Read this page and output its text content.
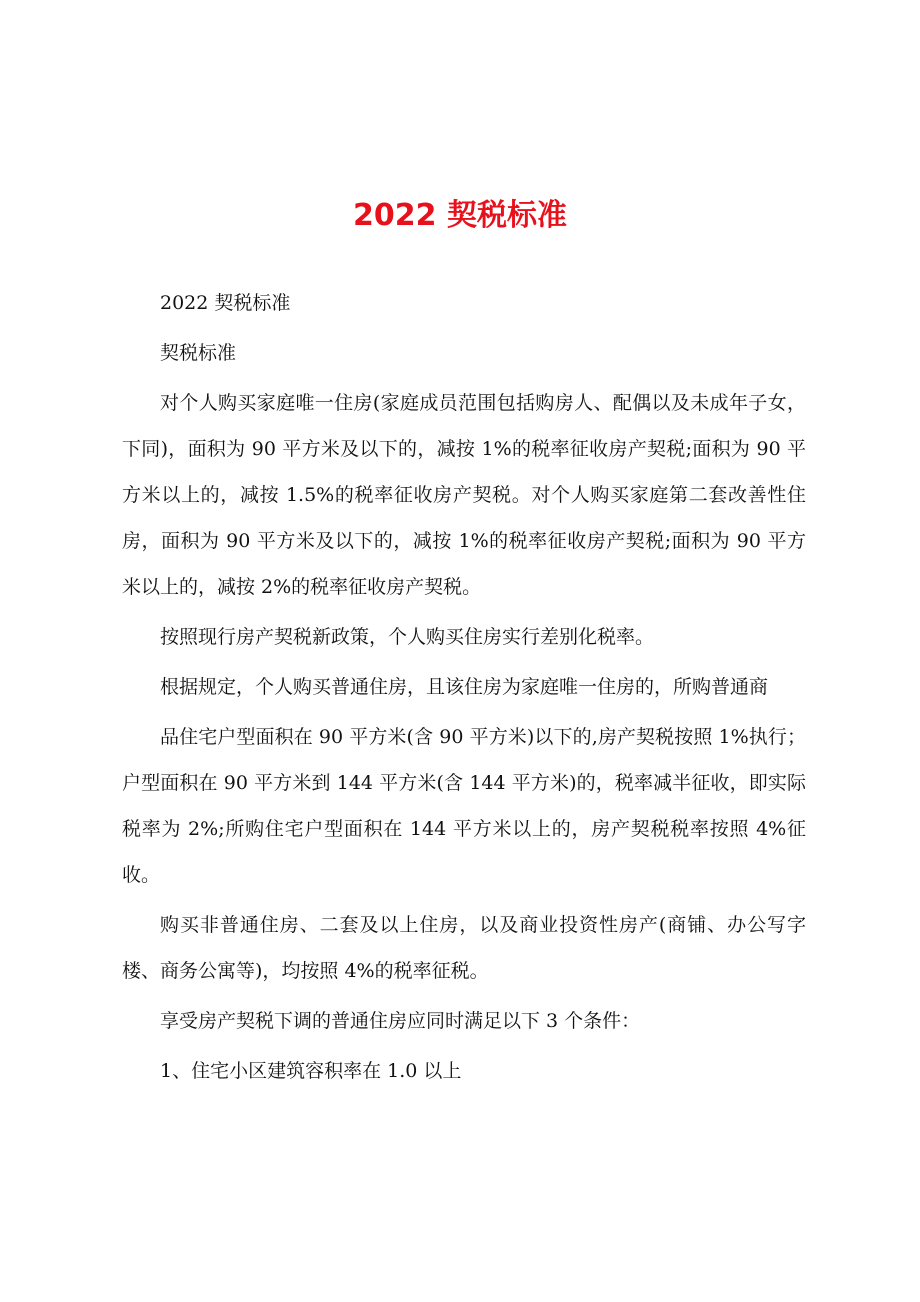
2022 契税标准

2022 契税标准

契税标准

对个人购买家庭唯一住房(家庭成员范围包括购房人、配偶以及未成年子女，下同)，面积为 90 平方米及以下的，减按 1%的税率征收房产契税;面积为 90 平方米以上的，减按 1.5%的税率征收房产契税。对个人购买家庭第二套改善性住房，面积为 90 平方米及以下的，减按 1%的税率征收房产契税;面积为 90 平方米以上的，减按 2%的税率征收房产契税。

按照现行房产契税新政策，个人购买住房实行差别化税率。

根据规定，个人购买普通住房，且该住房为家庭唯一住房的，所购普通商

品住宅户型面积在 90 平方米(含 90 平方米)以下的,房产契税按照 1%执行；户型面积在 90 平方米到 144 平方米(含 144 平方米)的，税率减半征收，即实际税率为 2%;所购住宅户型面积在 144 平方米以上的，房产契税税率按照 4%征收。

购买非普通住房、二套及以上住房，以及商业投资性房产(商铺、办公写字楼、商务公寓等)，均按照 4%的税率征税。

享受房产契税下调的普通住房应同时满足以下 3 个条件：

1、住宅小区建筑容积率在 1.0 以上
